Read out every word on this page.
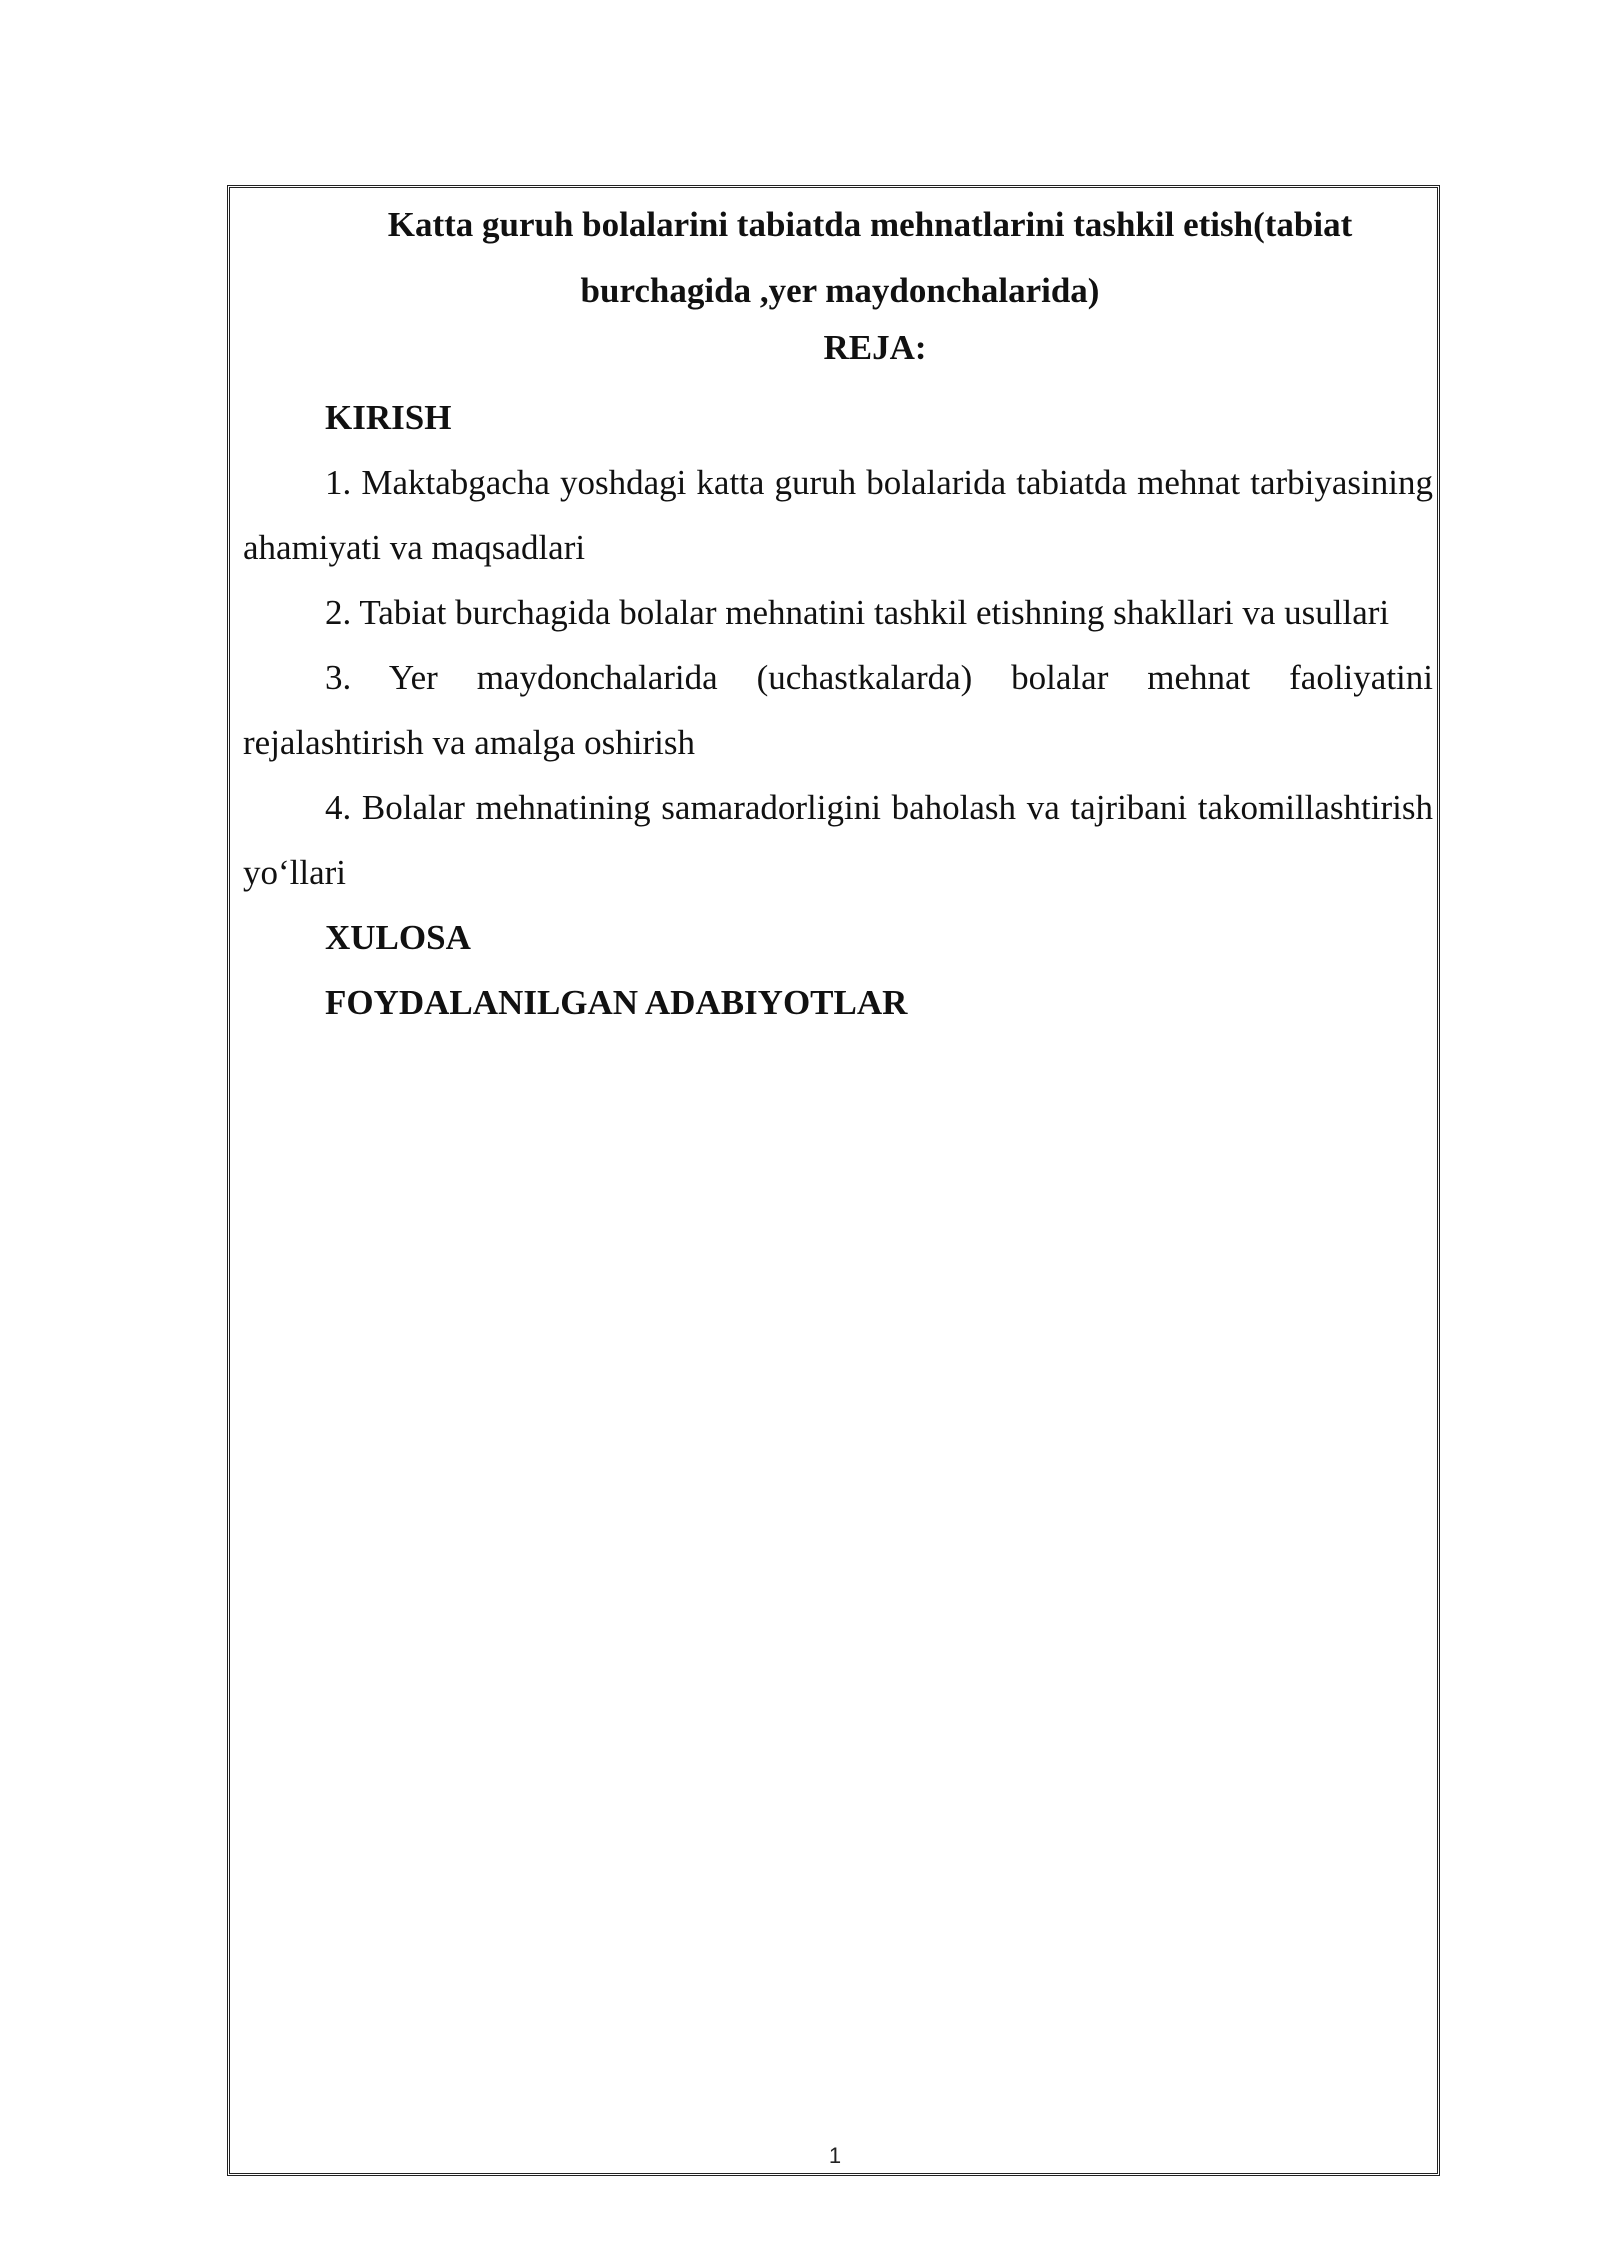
Katta guruh bolalarini tabiatda mehnatlarini tashkil etish(tabiat
burchagida ,yer maydonchalarida)

REJA:

KIRISH

1. Maktabgacha yoshdagi katta guruh bolalarida tabiatda mehnat tarbiyasining ahamiyati va maqsadlari

2. Tabiat burchagida bolalar mehnatini tashkil etishning shakllari va usullari

3. Yer maydonchalarida (uchastkalarda) bolalar mehnat faoliyatini rejalashtirish va amalga oshirish

4. Bolalar mehnatining samaradorligini baholash va tajribani takomillashtirish yo‘llari

XULOSA

FOYDALANILGAN ADABIYOTLAR

1
